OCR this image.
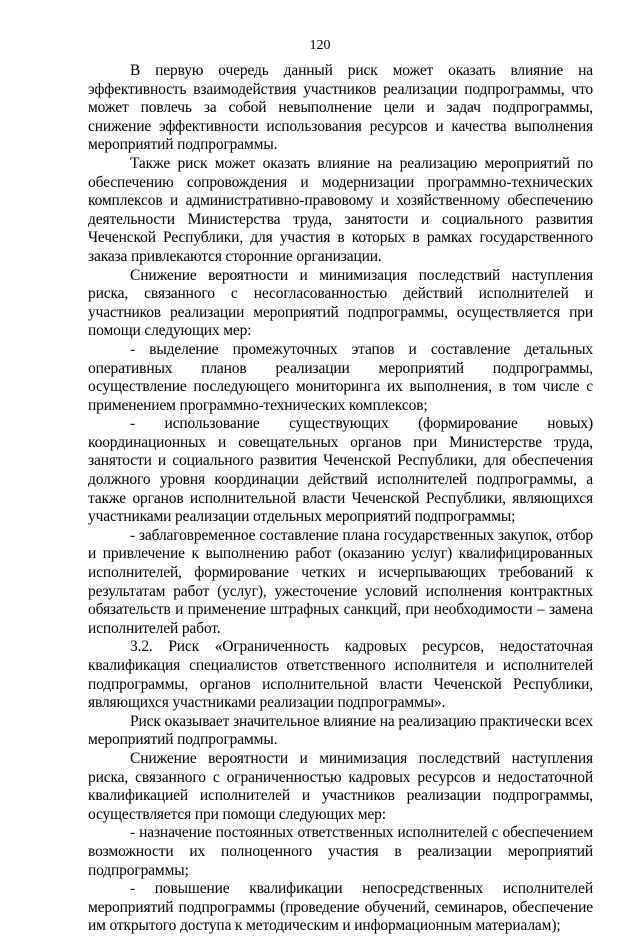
120

В первую очередь данный риск может оказать влияние на эффективность взаимодействия участников реализации подпрограммы, что может повлечь за собой невыполнение цели и задач подпрограммы, снижение эффективности использования ресурсов и качества выполнения мероприятий подпрограммы.

Также риск может оказать влияние на реализацию мероприятий по обеспечению сопровождения и модернизации программно-технических комплексов и административно-правовому и хозяйственному обеспечению деятельности Министерства труда, занятости и социального развития Чеченской Республики, для участия в которых в рамках государственного заказа привлекаются сторонние организации.

Снижение вероятности и минимизация последствий наступления риска, связанного с несогласованностью действий исполнителей и участников реализации мероприятий подпрограммы, осуществляется при помощи следующих мер:

- выделение промежуточных этапов и составление детальных оперативных планов реализации мероприятий подпрограммы, осуществление последующего мониторинга их выполнения, в том числе с применением программно-технических комплексов;

- использование существующих (формирование новых) координационных и совещательных органов при Министерстве труда, занятости и социального развития Чеченской Республики, для обеспечения должного уровня координации действий исполнителей подпрограммы, а также органов исполнительной власти Чеченской Республики, являющихся участниками реализации отдельных мероприятий подпрограммы;

- заблаговременное составление плана государственных закупок, отбор и привлечение к выполнению работ (оказанию услуг) квалифицированных исполнителей, формирование четких и исчерпывающих требований к результатам работ (услуг), ужесточение условий исполнения контрактных обязательств и применение штрафных санкций, при необходимости – замена исполнителей работ.

3.2. Риск «Ограниченность кадровых ресурсов, недостаточная квалификация специалистов ответственного исполнителя и исполнителей подпрограммы, органов исполнительной власти Чеченской Республики, являющихся участниками реализации подпрограммы».

Риск оказывает значительное влияние на реализацию практически всех мероприятий подпрограммы.

Снижение вероятности и минимизация последствий наступления риска, связанного с ограниченностью кадровых ресурсов и недостаточной квалификацией исполнителей и участников реализации подпрограммы, осуществляется при помощи следующих мер:

- назначение постоянных ответственных исполнителей с обеспечением возможности их полноценного участия в реализации мероприятий подпрограммы;

- повышение квалификации непосредственных исполнителей мероприятий подпрограммы (проведение обучений, семинаров, обеспечение им открытого доступа к методическим и информационным материалам);
